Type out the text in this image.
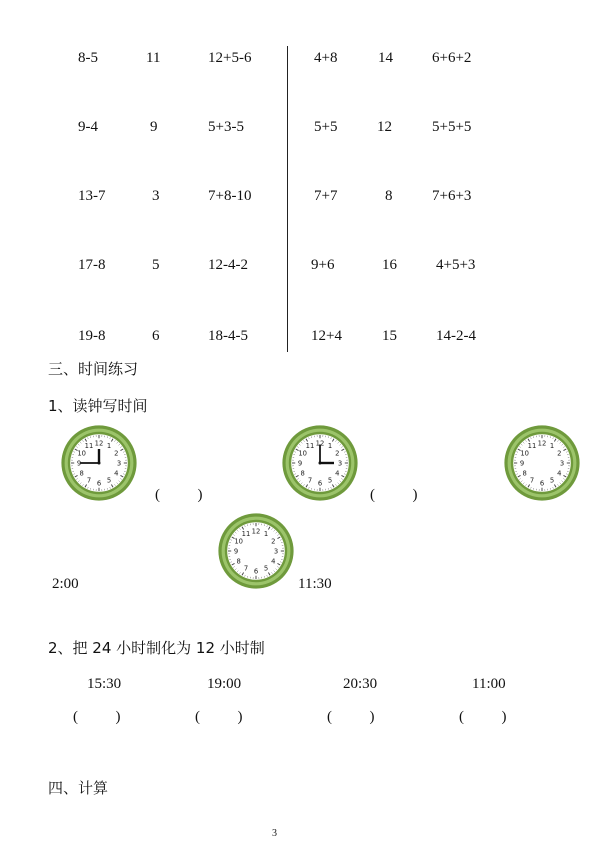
8-5	11	12+5-6	4+8	14	6+6+2
9-4	9	5+3-5	5+5	12	5+5+5
13-7	3	7+8-10	7+7	8	7+6+3
17-8	5	12-4-2	9+6	16	4+5+3
19-8	6	18-4-5	12+4	15	14-2-4
三、时间练习
1、读钟写时间
12 1
2
3
4
5
6
7
8
9
10
11
(          )
12 1
2
3
4
5
6
7
8
9
10
11
(          )
12 1
2
3
4
5
6
7
8
9
10
11
2:00
12 1
2
3
4
5
6
7
8
9
10
11
11:30
2、把 24 小时制化为 12 小时制
15:30	19:00	20:30	11:00
(          )	(          )	(          )	(          )
四、计算
3
